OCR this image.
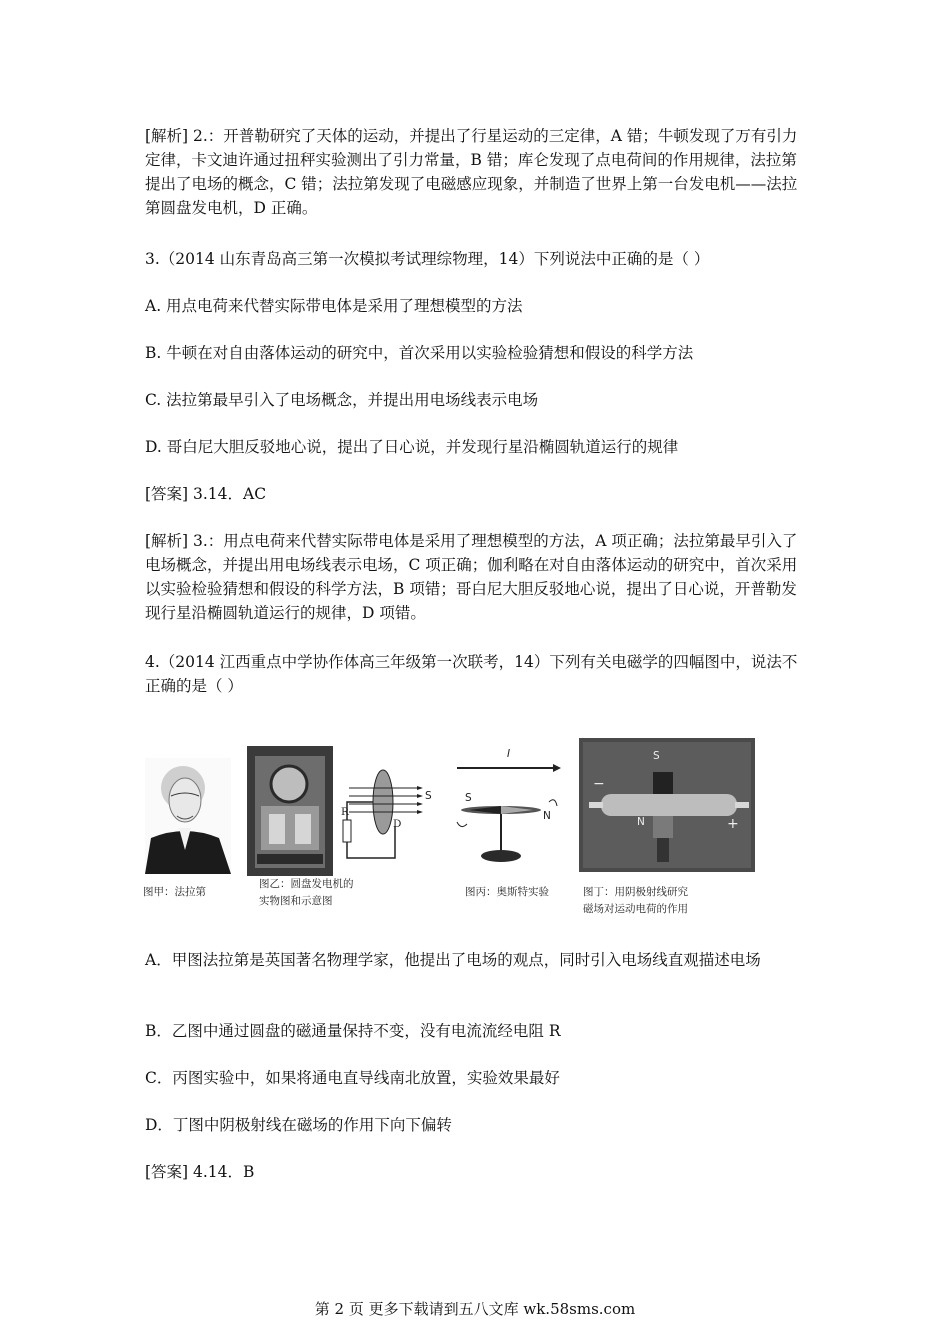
[解析] 2.：开普勒研究了天体的运动，并提出了行星运动的三定律，A 错；牛顿发现了万有引力定律，卡文迪许通过扭秤实验测出了引力常量，B 错；库仑发现了点电荷间的作用规律，法拉第提出了电场的概念，C 错；法拉第发现了电磁感应现象，并制造了世界上第一台发电机——法拉第圆盘发电机，D 正确。

3.（2014 山东青岛高三第一次模拟考试理综物理，14）下列说法中正确的是（ ）

A. 用点电荷来代替实际带电体是采用了理想模型的方法

B. 牛顿在对自由落体运动的研究中，首次采用以实验检验猜想和假设的科学方法

C. 法拉第最早引入了电场概念，并提出用电场线表示电场

D. 哥白尼大胆反驳地心说，提出了日心说，并发现行星沿椭圆轨道运行的规律

[答案] 3.14．AC

[解析] 3.：用点电荷来代替实际带电体是采用了理想模型的方法，A 项正确；法拉第最早引入了电场概念，并提出用电场线表示电场，C 项正确；伽利略在对自由落体运动的研究中，首次采用以实验检验猜想和假设的科学方法，B 项错；哥白尼大胆反驳地心说，提出了日心说，开普勒发现行星沿椭圆轨道运行的规律，D 项错。

4.（2014 江西重点中学协作体高三年级第一次联考，14）下列有关电磁学的四幅图中，说法不正确的是（ ）

图甲：法拉第
R
D
S
图乙：圆盘发电机的
实物图和示意图
S
N
I
图丙：奥斯特实验
S
N
−
+
图丁：用阴极射线研究
磁场对运动电荷的作用

A．甲图法拉第是英国著名物理学家，他提出了电场的观点，同时引入电场线直观描述电场

B．乙图中通过圆盘的磁通量保持不变，没有电流流经电阻 R

C．丙图实验中，如果将通电直导线南北放置，实验效果最好

D．丁图中阴极射线在磁场的作用下向下偏转

[答案] 4.14．B

第 2 页 更多下载请到五八文库 wk.58sms.com
